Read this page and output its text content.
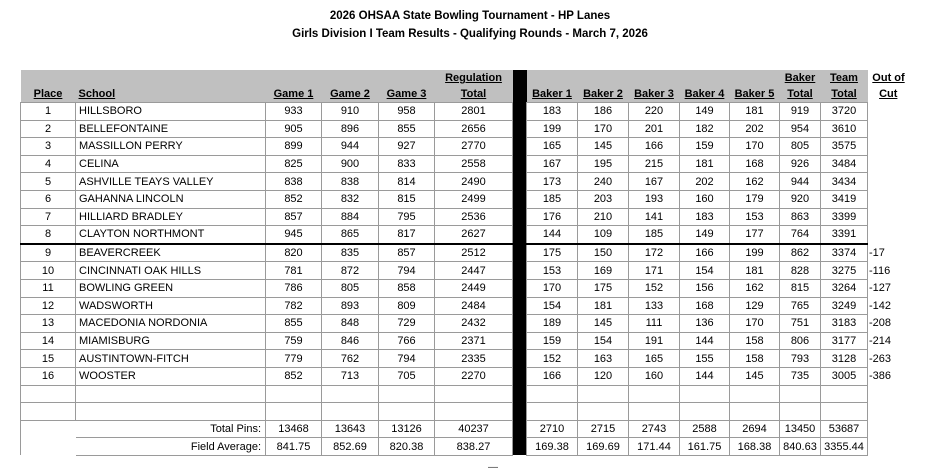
2026 OHSAA State Bowling Tournament - HP Lanes
Girls Division I Team Results - Qualifying Rounds - March 7, 2026
					Regulation							Baker	Team	Out of
Place	School	Game 1	Game 2	Game 3	Total		Baker 1	Baker 2	Baker 3	Baker 4	Baker 5	Total	Total	Cut
1	HILLSBORO	933	910	958	2801		183	186	220	149	181	919	3720	
2	BELLEFONTAINE	905	896	855	2656		199	170	201	182	202	954	3610	
3	MASSILLON PERRY	899	944	927	2770		165	145	166	159	170	805	3575	
4	CELINA	825	900	833	2558		167	195	215	181	168	926	3484	
5	ASHVILLE TEAYS VALLEY	838	838	814	2490		173	240	167	202	162	944	3434	
6	GAHANNA LINCOLN	852	832	815	2499		185	203	193	160	179	920	3419	
7	HILLIARD BRADLEY	857	884	795	2536		176	210	141	183	153	863	3399	
8	CLAYTON NORTHMONT	945	865	817	2627		144	109	185	149	177	764	3391	
9	BEAVERCREEK	820	835	857	2512		175	150	172	166	199	862	3374	-17
10	CINCINNATI OAK HILLS	781	872	794	2447		153	169	171	154	181	828	3275	-116
11	BOWLING GREEN	786	805	858	2449		170	175	152	156	162	815	3264	-127
12	WADSWORTH	782	893	809	2484		154	181	133	168	129	765	3249	-142
13	MACEDONIA NORDONIA	855	848	729	2432		189	145	111	136	170	751	3183	-208
14	MIAMISBURG	759	846	766	2371		159	154	191	144	158	806	3177	-214
15	AUSTINTOWN-FITCH	779	762	794	2335		152	163	165	155	158	793	3128	-263
16	WOOSTER	852	713	705	2270		166	120	160	144	145	735	3005	-386

	Total Pins:	13468	13643	13126	40237		2710	2715	2743	2588	2694	13450	53687	
	Field Average:	841.75	852.69	820.38	838.27		169.38	169.69	171.44	161.75	168.38	840.63	3355.44	
—
